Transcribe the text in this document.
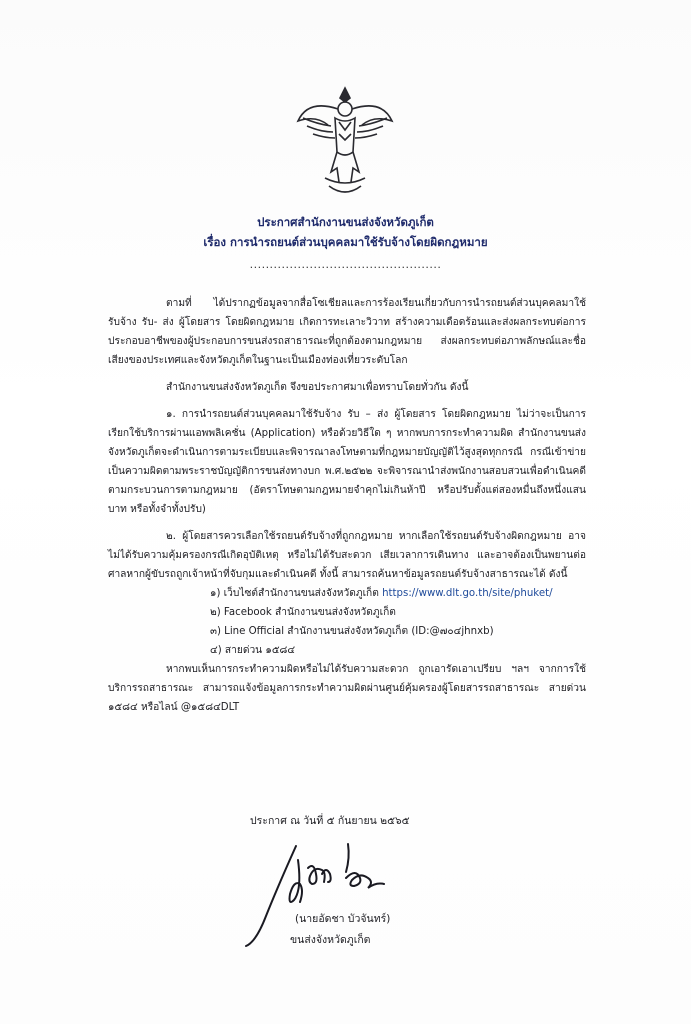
ประกาศสำนักงานขนส่งจังหวัดภูเก็ต
เรื่อง การนำรถยนต์ส่วนบุคคลมาใช้รับจ้างโดยผิดกฎหมาย
................................................

ตามที่ ได้ปรากฏข้อมูลจากสื่อโซเชียลและการร้องเรียนเกี่ยวกับการนำรถยนต์ส่วนบุคคลมาใช้รับจ้าง รับ- ส่ง ผู้โดยสาร โดยผิดกฎหมาย เกิดการทะเลาะวิวาท สร้างความเดือดร้อนและส่งผลกระทบต่อการประกอบอาชีพของผู้ประกอบการขนส่งรถสาธารณะที่ถูกต้องตามกฎหมาย ส่งผลกระทบต่อภาพลักษณ์และชื่อเสียงของประเทศและจังหวัดภูเก็ตในฐานะเป็นเมืองท่องเที่ยวระดับโลก

สำนักงานขนส่งจังหวัดภูเก็ต จึงขอประกาศมาเพื่อทราบโดยทั่วกัน ดังนี้

๑. การนำรถยนต์ส่วนบุคคลมาใช้รับจ้าง รับ – ส่ง ผู้โดยสาร โดยผิดกฎหมาย ไม่ว่าจะเป็นการเรียกใช้บริการผ่านแอพพลิเคชั่น (Application) หรือด้วยวิธีใด ๆ หากพบการกระทำความผิด สำนักงานขนส่งจังหวัดภูเก็ตจะดำเนินการตามระเบียบและพิจารณาลงโทษตามที่กฎหมายบัญญัติไว้สูงสุดทุกกรณี กรณีเข้าข่ายเป็นความผิดตามพระราชบัญญัติการขนส่งทางบก พ.ศ.๒๕๒๒ จะพิจารณานำส่งพนักงานสอบสวนเพื่อดำเนินคดี ตามกระบวนการตามกฎหมาย (อัตราโทษตามกฎหมายจำคุกไม่เกินห้าปี หรือปรับตั้งแต่สองหมื่นถึงหนึ่งแสนบาท หรือทั้งจำทั้งปรับ)

๒. ผู้โดยสารควรเลือกใช้รถยนต์รับจ้างที่ถูกกฎหมาย หากเลือกใช้รถยนต์รับจ้างผิดกฎหมาย อาจไม่ได้รับความคุ้มครองกรณีเกิดอุบัติเหตุ หรือไม่ได้รับสะดวก เสียเวลาการเดินทาง และอาจต้องเป็นพยานต่อศาลหากผู้ขับรถถูกเจ้าหน้าที่จับกุมและดำเนินคดี ทั้งนี้ สามารถค้นหาข้อมูลรถยนต์รับจ้างสาธารณะได้ ดังนี้

๑) เว็บไซต์สำนักงานขนส่งจังหวัดภูเก็ต https://www.dlt.go.th/site/phuket/
๒) Facebook สำนักงานขนส่งจังหวัดภูเก็ต
๓) Line Official สำนักงานขนส่งจังหวัดภูเก็ต (ID:@๗๐๔jhnxb)
๔) สายด่วน ๑๕๘๔

หากพบเห็นการกระทำความผิดหรือไม่ได้รับความสะดวก ถูกเอารัดเอาเปรียบ ฯลฯ จากการใช้บริการรถสาธารณะ สามารถแจ้งข้อมูลการกระทำความผิดผ่านศูนย์คุ้มครองผู้โดยสารรถสาธารณะ สายด่วน ๑๕๘๔ หรือไลน์ @๑๕๘๔DLT

ประกาศ ณ วันที่ ๕ กันยายน ๒๕๖๕
(นายอัดชา บัวจันทร์)
ขนส่งจังหวัดภูเก็ต
